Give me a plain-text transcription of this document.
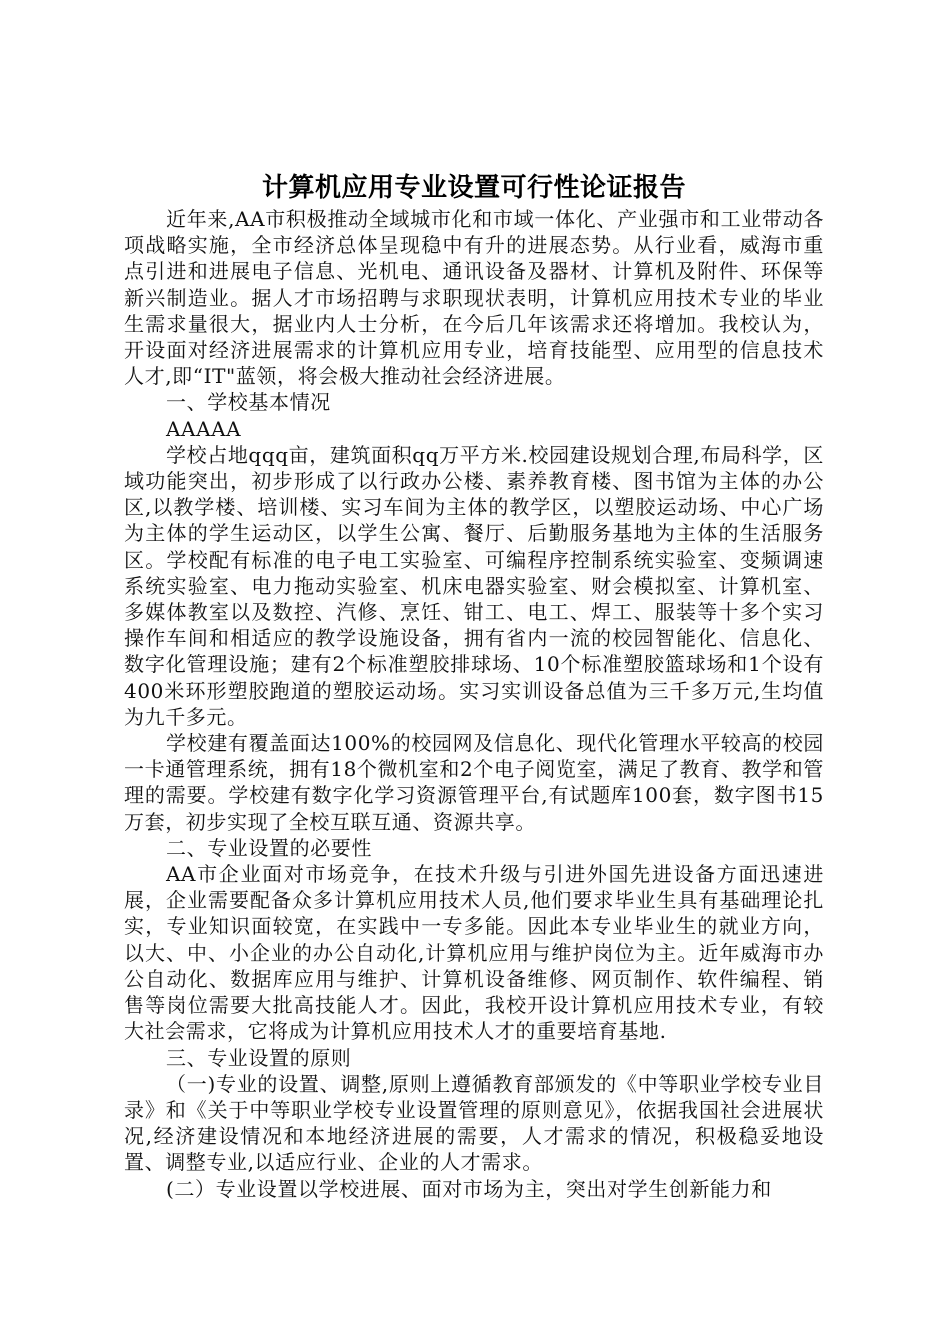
计算机应用专业设置可行性论证报告

近年来,AA市积极推动全域城市化和市域一体化、产业强市和工业带动各项战略实施，全市经济总体呈现稳中有升的进展态势。从行业看，威海市重点引进和进展电子信息、光机电、通讯设备及器材、计算机及附件、环保等新兴制造业。据人才市场招聘与求职现状表明，计算机应用技术专业的毕业生需求量很大，据业内人士分析，在今后几年该需求还将增加。我校认为，开设面对经济进展需求的计算机应用专业，培育技能型、应用型的信息技术人才,即“IT"蓝领，将会极大推动社会经济进展。

一、学校基本情况

AAAAA

学校占地qqq亩，建筑面积qq万平方米.校园建设规划合理,布局科学，区域功能突出，初步形成了以行政办公楼、素养教育楼、图书馆为主体的办公区,以教学楼、培训楼、实习车间为主体的教学区，以塑胶运动场、中心广场为主体的学生运动区，以学生公寓、餐厅、后勤服务基地为主体的生活服务区。学校配有标准的电子电工实验室、可编程序控制系统实验室、变频调速系统实验室、电力拖动实验室、机床电器实验室、财会模拟室、计算机室、多媒体教室以及数控、汽修、烹饪、钳工、电工、焊工、服装等十多个实习操作车间和相适应的教学设施设备，拥有省内一流的校园智能化、信息化、数字化管理设施；建有2个标准塑胶排球场、10个标准塑胶篮球场和1个设有400米环形塑胶跑道的塑胶运动场。实习实训设备总值为三千多万元,生均值为九千多元。

学校建有覆盖面达100%的校园网及信息化、现代化管理水平较高的校园一卡通管理系统，拥有18个微机室和2个电子阅览室，满足了教育、教学和管理的需要。学校建有数字化学习资源管理平台,有试题库100套，数字图书15万套，初步实现了全校互联互通、资源共享。

二、专业设置的必要性

AA市企业面对市场竞争，在技术升级与引进外国先进设备方面迅速进展，企业需要配备众多计算机应用技术人员,他们要求毕业生具有基础理论扎实，专业知识面较宽，在实践中一专多能。因此本专业毕业生的就业方向，以大、中、小企业的办公自动化,计算机应用与维护岗位为主。近年威海市办公自动化、数据库应用与维护、计算机设备维修、网页制作、软件编程、销售等岗位需要大批高技能人才。因此，我校开设计算机应用技术专业，有较大社会需求，它将成为计算机应用技术人才的重要培育基地.

三、专业设置的原则

（一)专业的设置、调整,原则上遵循教育部颁发的《中等职业学校专业目录》和《关于中等职业学校专业设置管理的原则意见》，依据我国社会进展状况,经济建设情况和本地经济进展的需要，人才需求的情况，积极稳妥地设置、调整专业,以适应行业、企业的人才需求。

(二）专业设置以学校进展、面对市场为主，突出对学生创新能力和
